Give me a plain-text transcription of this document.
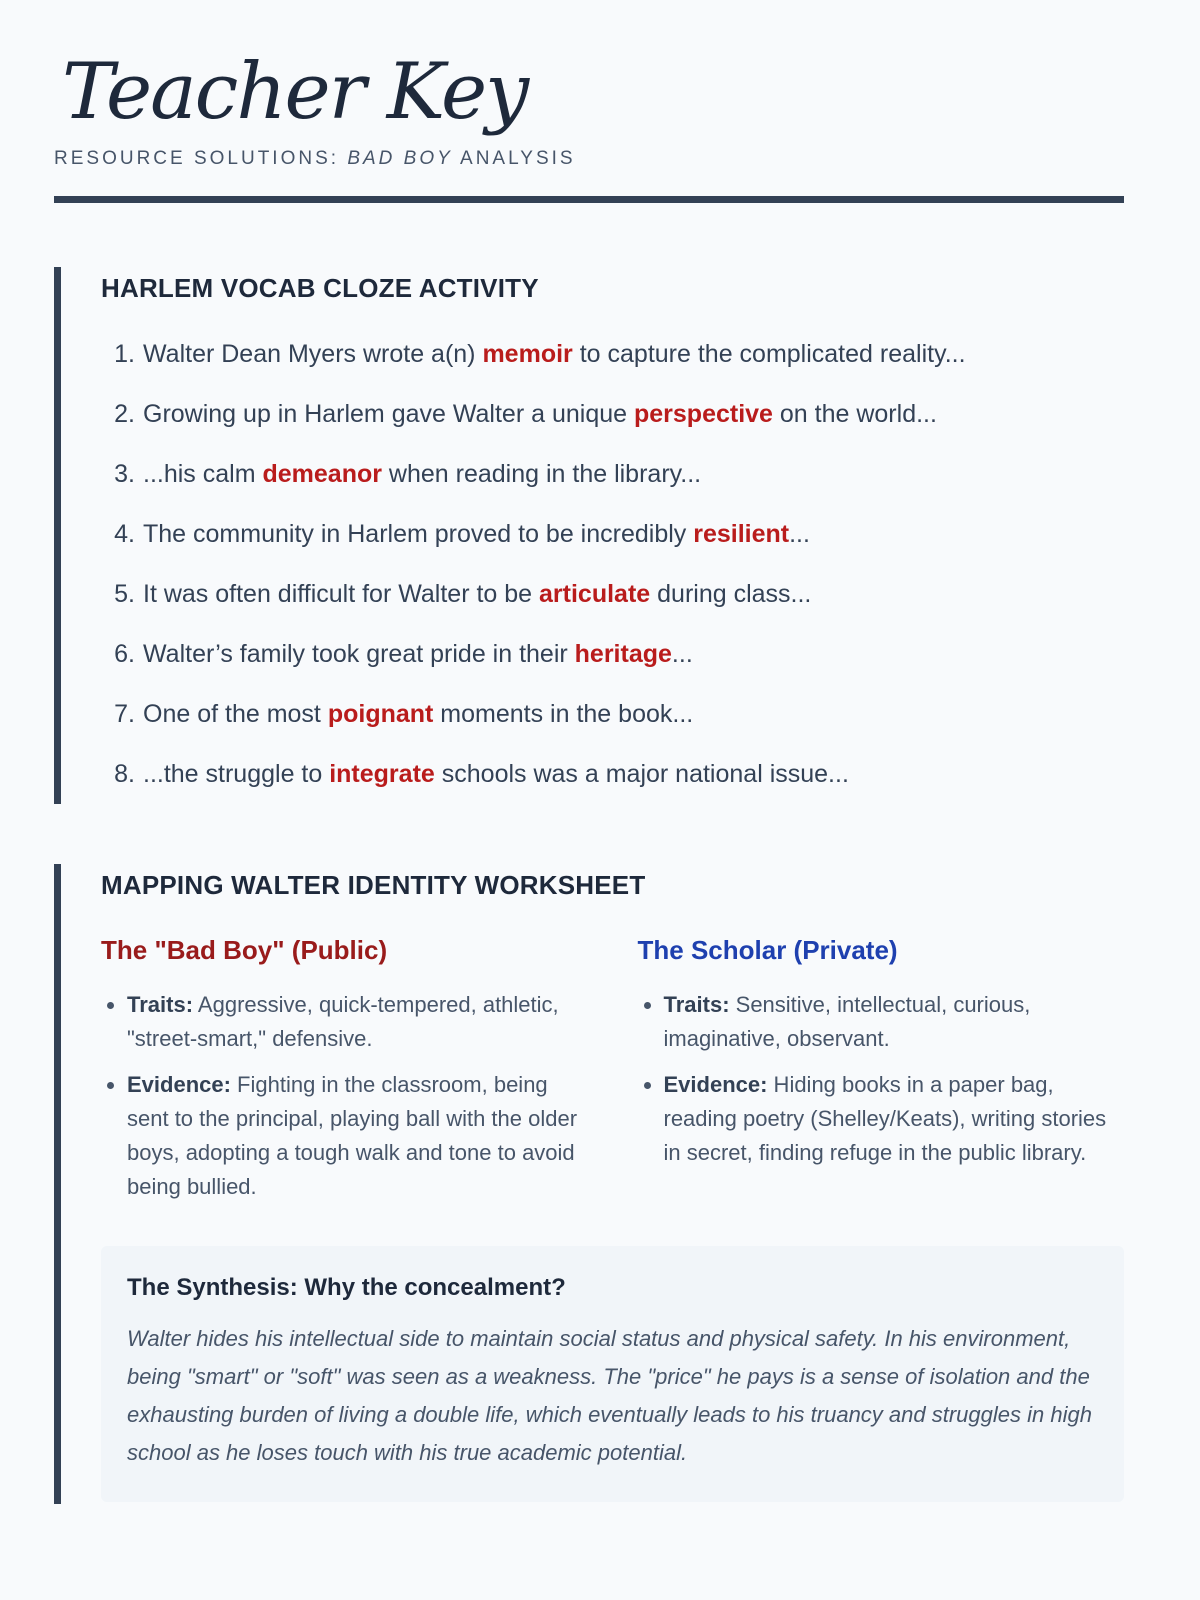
Teacher Key
RESOURCE SOLUTIONS: BAD BOY ANALYSIS
HARLEM VOCAB CLOZE ACTIVITY
1. Walter Dean Myers wrote a(n) memoir to capture the complicated reality...
2. Growing up in Harlem gave Walter a unique perspective on the world...
3. ...his calm demeanor when reading in the library...
4. The community in Harlem proved to be incredibly resilient...
5. It was often difficult for Walter to be articulate during class...
6. Walter’s family took great pride in their heritage...
7. One of the most poignant moments in the book...
8. ...the struggle to integrate schools was a major national issue...
MAPPING WALTER IDENTITY WORKSHEET
The "Bad Boy" (Public)
• Traits: Aggressive, quick-tempered, athletic, "street-smart," defensive.
• Evidence: Fighting in the classroom, being sent to the principal, playing ball with the older boys, adopting a tough walk and tone to avoid being bullied.
The Scholar (Private)
• Traits: Sensitive, intellectual, curious, imaginative, observant.
• Evidence: Hiding books in a paper bag, reading poetry (Shelley/Keats), writing stories in secret, finding refuge in the public library.
The Synthesis: Why the concealment?

Walter hides his intellectual side to maintain social status and physical safety. In his environment, being "smart" or "soft" was seen as a weakness. The "price" he pays is a sense of isolation and the exhausting burden of living a double life, which eventually leads to his truancy and struggles in high school as he loses touch with his true academic potential.
